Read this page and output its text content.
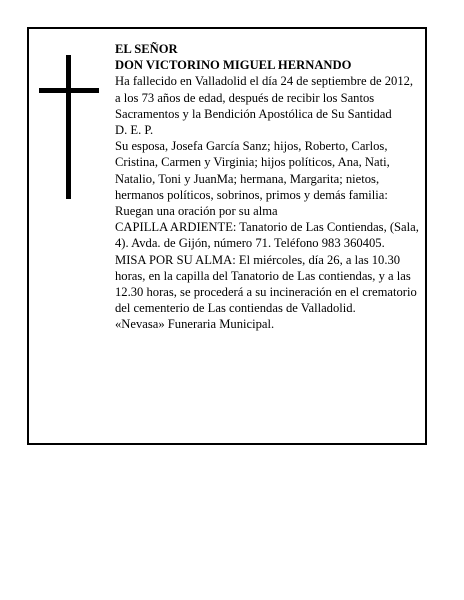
EL SEÑOR

DON VICTORINO MIGUEL HERNANDO

Ha fallecido en Valladolid el día 24 de septiembre de 2012, a los 73 años de edad, después de recibir los Santos Sacramentos y la Bendición Apostólica de Su Santidad

D. E. P.

Su esposa, Josefa García Sanz; hijos, Roberto, Carlos, Cristina, Carmen y Virginia; hijos políticos, Ana, Nati, Natalio, Toni y JuanMa; hermana, Margarita; nietos, hermanos políticos, sobrinos, primos y demás familia: Ruegan una oración por su alma

CAPILLA ARDIENTE: Tanatorio de Las Contiendas, (Sala, 4). Avda. de Gijón, número 71. Teléfono 983 360405.

MISA POR SU ALMA: El miércoles, día 26, a las 10.30 horas, en la capilla del Tanatorio de Las contiendas, y a las 12.30 horas, se procederá a su incineración en el crematorio del cementerio de Las contiendas de Valladolid.

«Nevasa» Funeraria Municipal.
